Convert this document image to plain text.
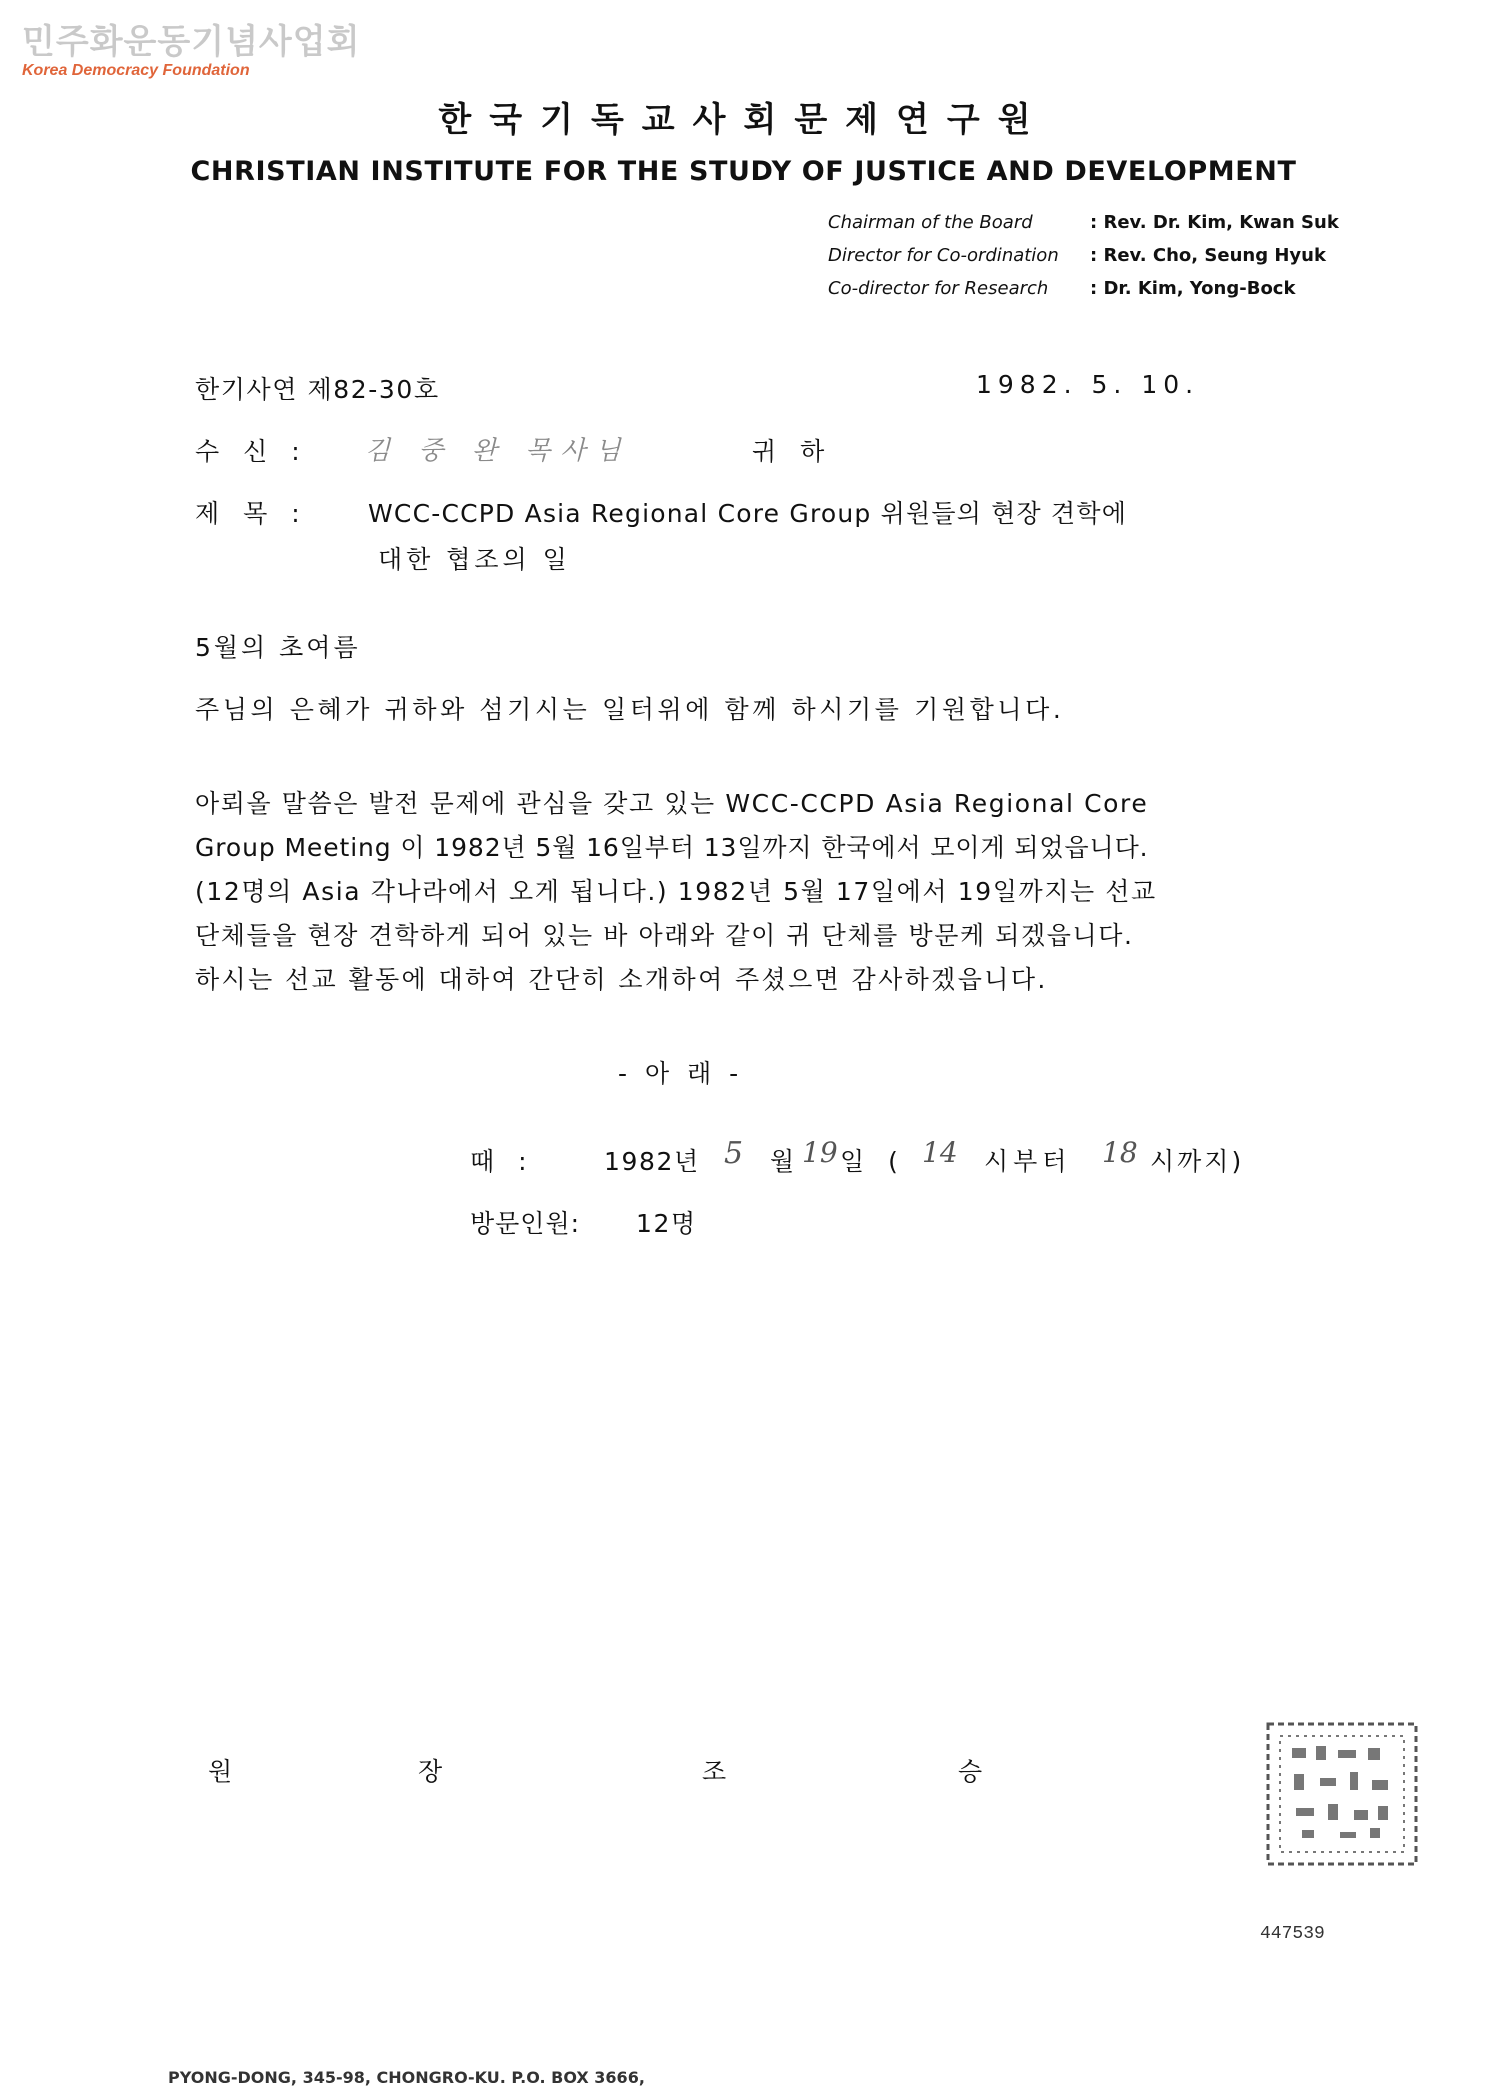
민주화운동기념사업회
Korea Democracy Foundation
한국기독교사회문제연구원
CHRISTIAN INSTITUTE FOR THE STUDY OF JUSTICE AND DEVELOPMENT
Chairman of the Board	: Rev. Dr. Kim, Kwan Suk
Director for Co-ordination : Rev. Cho, Seung Hyuk
Co-director for Research : Dr. Kim, Yong-Bock
한기사연 제82-30호	1982. 5. 10.
수 신 : 김 중 완 목사님	귀 하
제 목 : WCC-CCPD Asia Regional Core Group 위원들의 현장 견학에
대한 협조의 일
5월의 초여름
주님의 은혜가 귀하와 섬기시는 일터위에 함께 하시기를 기원합니다.
아뢰올 말씀은 발전 문제에 관심을 갖고 있는 WCC-CCPD Asia Regional Core
Group Meeting 이 1982년 5월 16일부터 13일까지 한국에서 모이게 되었읍니다.
(12명의 Asia 각나라에서 오게 됩니다.) 1982년 5월 17일에서 19일까지는 선교
단체들을 현장 견학하게 되어 있는 바 아래와 같이 귀 단체를 방문케 되겠읍니다.
하시는 선교 활동에 대하여 간단히 소개하여 주셨으면 감사하겠읍니다.
- 아 래 -
때 :	1982년 5 월 19 일 ( 14 시부터 18 시까지)
방문인원: 12명
원	장	조	승
447539
PYONG-DONG, 345-98, CHONGRO-KU. P.O. BOX 3666,
